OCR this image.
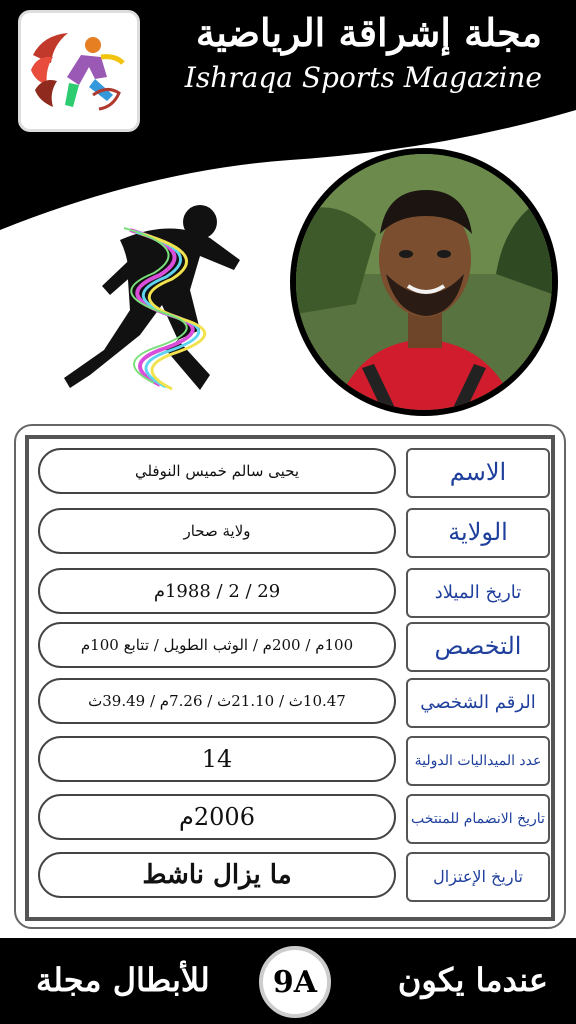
مجلة إشراقة الرياضية
Ishraqa Sports Magazine
يحيى سالم خميس النوفلي	الاسم
ولاية صحار	الولاية
29 / 2 / 1988م	تاريخ الميلاد
100م / 200م / الوثب الطويل / تتابع 100م	التخصص
10.47ث / 21.10ث / 7.26م / 39.49ث	الرقم الشخصي
14	عدد الميداليات الدولية
2006م	تاريخ الانضمام للمنتخب
ما يزال ناشط	تاريخ الإعتزال
للأبطال مجلة	9A	عندما يكون
